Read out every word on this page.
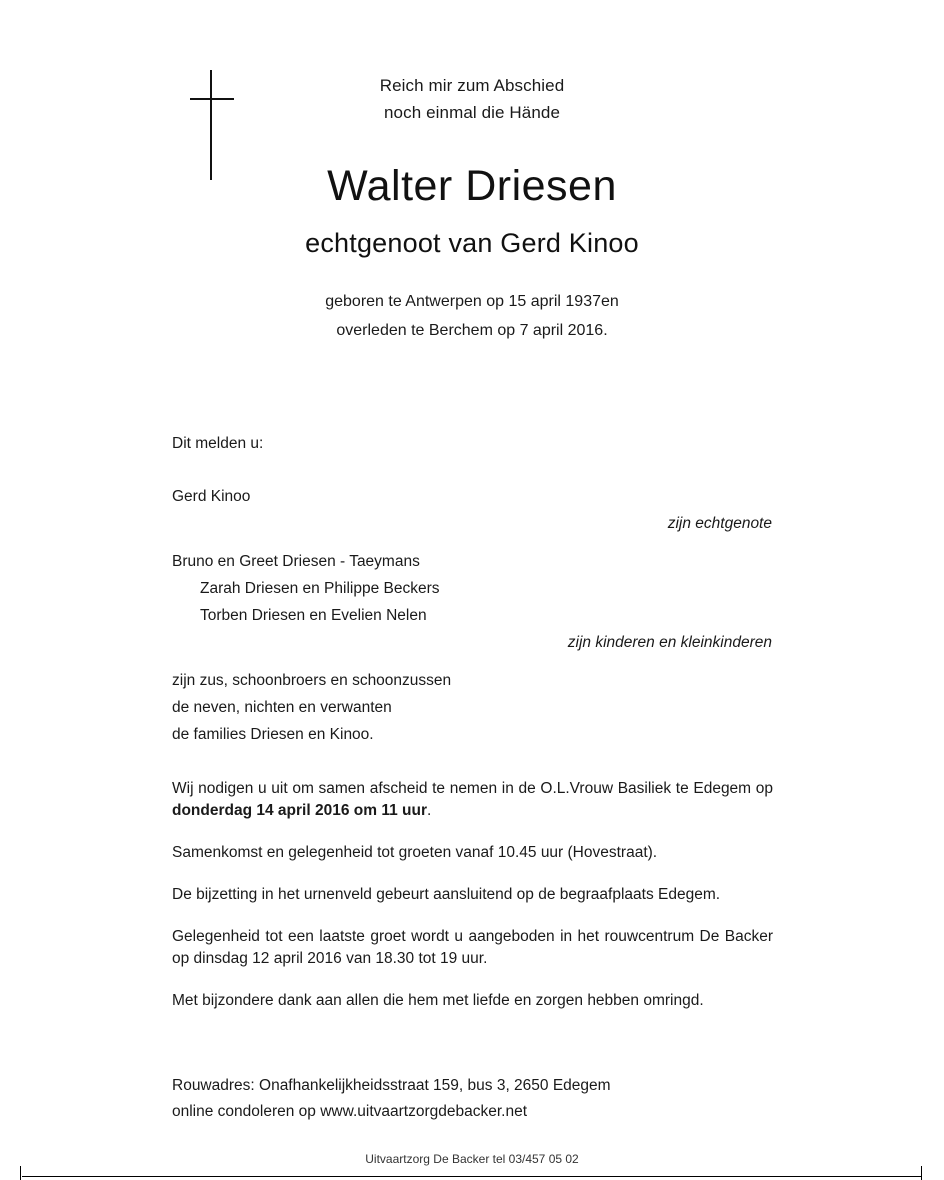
Reich mir zum Abschied
noch einmal die Hände
Walter Driesen
echtgenoot van Gerd Kinoo
geboren te Antwerpen op 15 april 1937en
overleden te Berchem op 7 april 2016.

Dit melden u:

Gerd Kinoo

zijn echtgenote

Bruno en Greet Driesen - Taeymans

Zarah Driesen en Philippe Beckers

Torben Driesen en Evelien Nelen

zijn kinderen en kleinkinderen

zijn zus, schoonbroers en schoonzussen

de neven, nichten en verwanten

de families Driesen en Kinoo.

Wij nodigen u uit om samen afscheid te nemen in de O.L.Vrouw Basiliek te Edegem op donderdag 14 april 2016 om 11 uur.

Samenkomst en gelegenheid tot groeten vanaf 10.45 uur (Hovestraat).

De bijzetting in het urnenveld gebeurt aansluitend op de begraafplaats Edegem.

Gelegenheid tot een laatste groet wordt u aangeboden in het rouwcentrum De Backer op dinsdag 12 april 2016 van 18.30 tot 19 uur.

Met bijzondere dank aan allen die hem met liefde en zorgen hebben omringd.

Rouwadres: Onafhankelijkheidsstraat 159, bus 3, 2650 Edegem
online condoleren op www.uitvaartzorgdebacker.net
Uitvaartzorg De Backer tel 03/457 05 02
